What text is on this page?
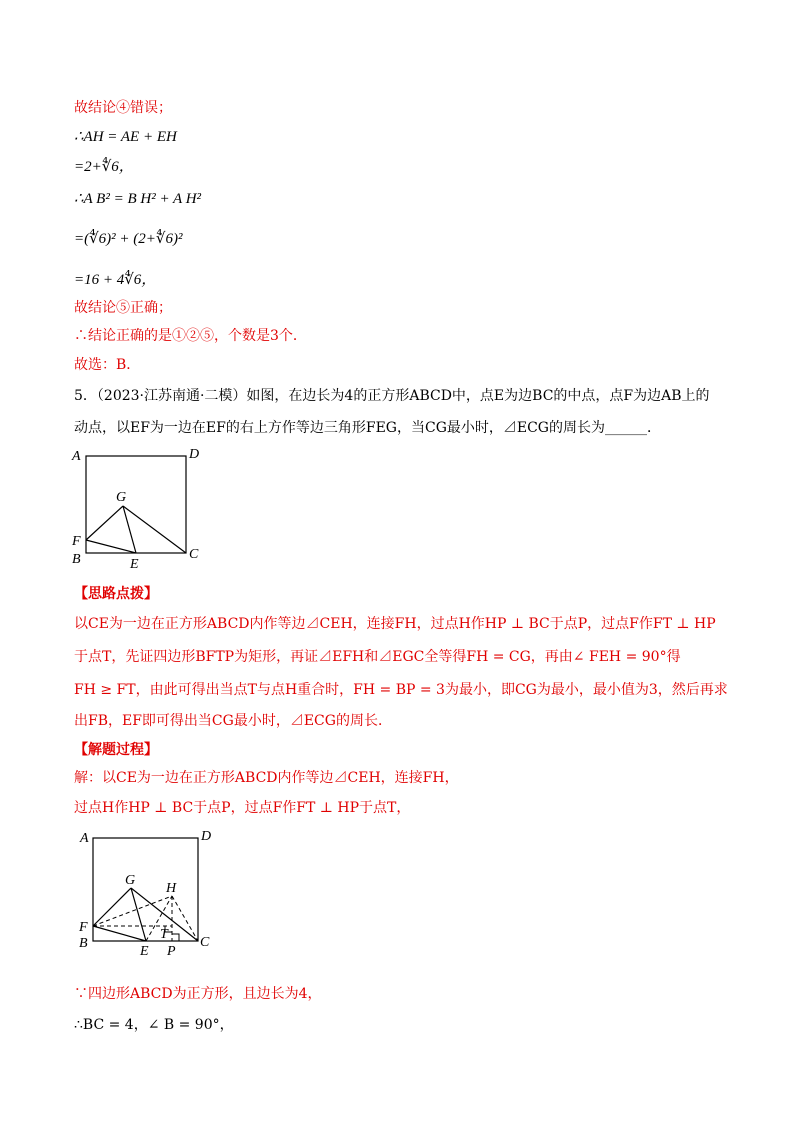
故结论④错误；
∴AH = AE + EH
=2+∜6，
∴A B² = B H² + A H²
=(∜6)² + (2+∜6)²
=16 + 4∜6，
故结论⑤正确；
∴结论正确的是①②⑤，个数是3个．
故选：B．
5．（2023·江苏南通·二模）如图，在边长为4的正方形ABCD中，点E为边BC的中点，点F为边AB上的
动点，以EF为一边在EF的右上方作等边三角形FEG，当CG最小时，⊿ECG的周长为______．
A	D
G
F
B	E
C
【思路点拨】
以CE为一边在正方形ABCD内作等边⊿CEH，连接FH，过点H作HP ⊥ BC于点P，过点F作FT ⊥ HP
于点T，先证四边形BFTP为矩形，再证⊿EFH和⊿EGC全等得FH = CG，再由∠ FEH = 90°得
FH ≥ FT，由此可得出当点T与点H重合时，FH = BP = 3为最小，即CG为最小，最小值为3，然后再求
出FB，EF即可得出当CG最小时，⊿ECG的周长．
【解题过程】
解：以CE为一边在正方形ABCD内作等边⊿CEH，连接FH，
过点H作HP ⊥ BC于点P，过点F作FT ⊥ HP于点T，
A	D
G
H
F	T
B
E P
C
∵四边形ABCD为正方形，且边长为4，
∴BC = 4，∠ B = 90°，
